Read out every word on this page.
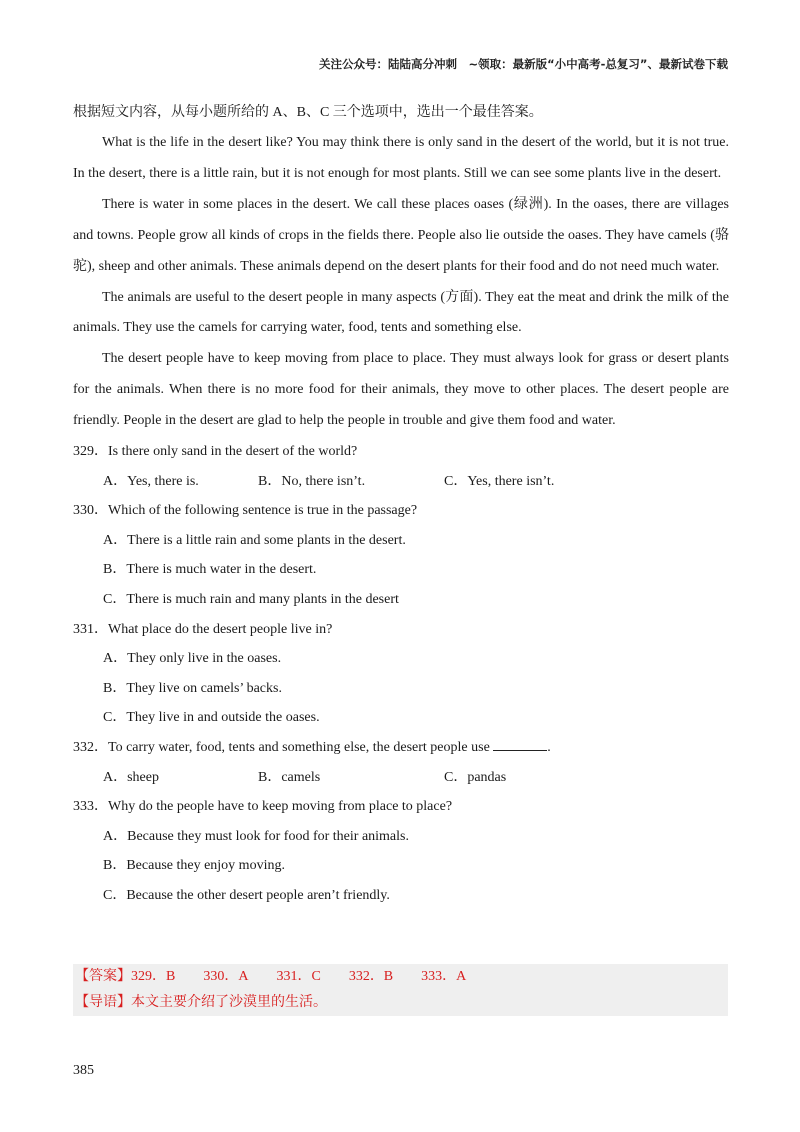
关注公众号：陆陆高分冲刺　~领取：最新版“小中高考-总复习”、最新试卷下载
根据短文内容，从每小题所给的 A、B、C 三个选项中，选出一个最佳答案。
What is the life in the desert like? You may think there is only sand in the desert of the world, but it is not true. In the desert, there is a little rain, but it is not enough for most plants. Still we can see some plants live in the desert.
There is water in some places in the desert. We call these places oases (绿洲). In the oases, there are villages and towns. People grow all kinds of crops in the fields there. People also lie outside the oases. They have camels (骆驼), sheep and other animals. These animals depend on the desert plants for their food and do not need much water.
The animals are useful to the desert people in many aspects (方面). They eat the meat and drink the milk of the animals. They use the camels for carrying water, food, tents and something else.
The desert people have to keep moving from place to place. They must always look for grass or desert plants for the animals. When there is no more food for their animals, they move to other places. The desert people are friendly. People in the desert are glad to help the people in trouble and give them food and water.
329．Is there only sand in the desert of the world?
A．Yes, there is.	B．No, there isn’t.	C．Yes, there isn’t.
330．Which of the following sentence is true in the passage?
A．There is a little rain and some plants in the desert.
B．There is much water in the desert.
C．There is much rain and many plants in the desert
331．What place do the desert people live in?
A．They only live in the oases.
B．They live on camels’ backs.
C．They live in and outside the oases.
332．To carry water, food, tents and something else, the desert people use	.
A．sheep	B．camels	C．pandas
333．Why do the people have to keep moving from place to place?
A．Because they must look for food for their animals.
B．Because they enjoy moving.
C．Because the other desert people aren’t friendly.
【答案】329．B 330．A 331．C 332．B 333．A
【导语】本文主要介绍了沙漠里的生活。
385
